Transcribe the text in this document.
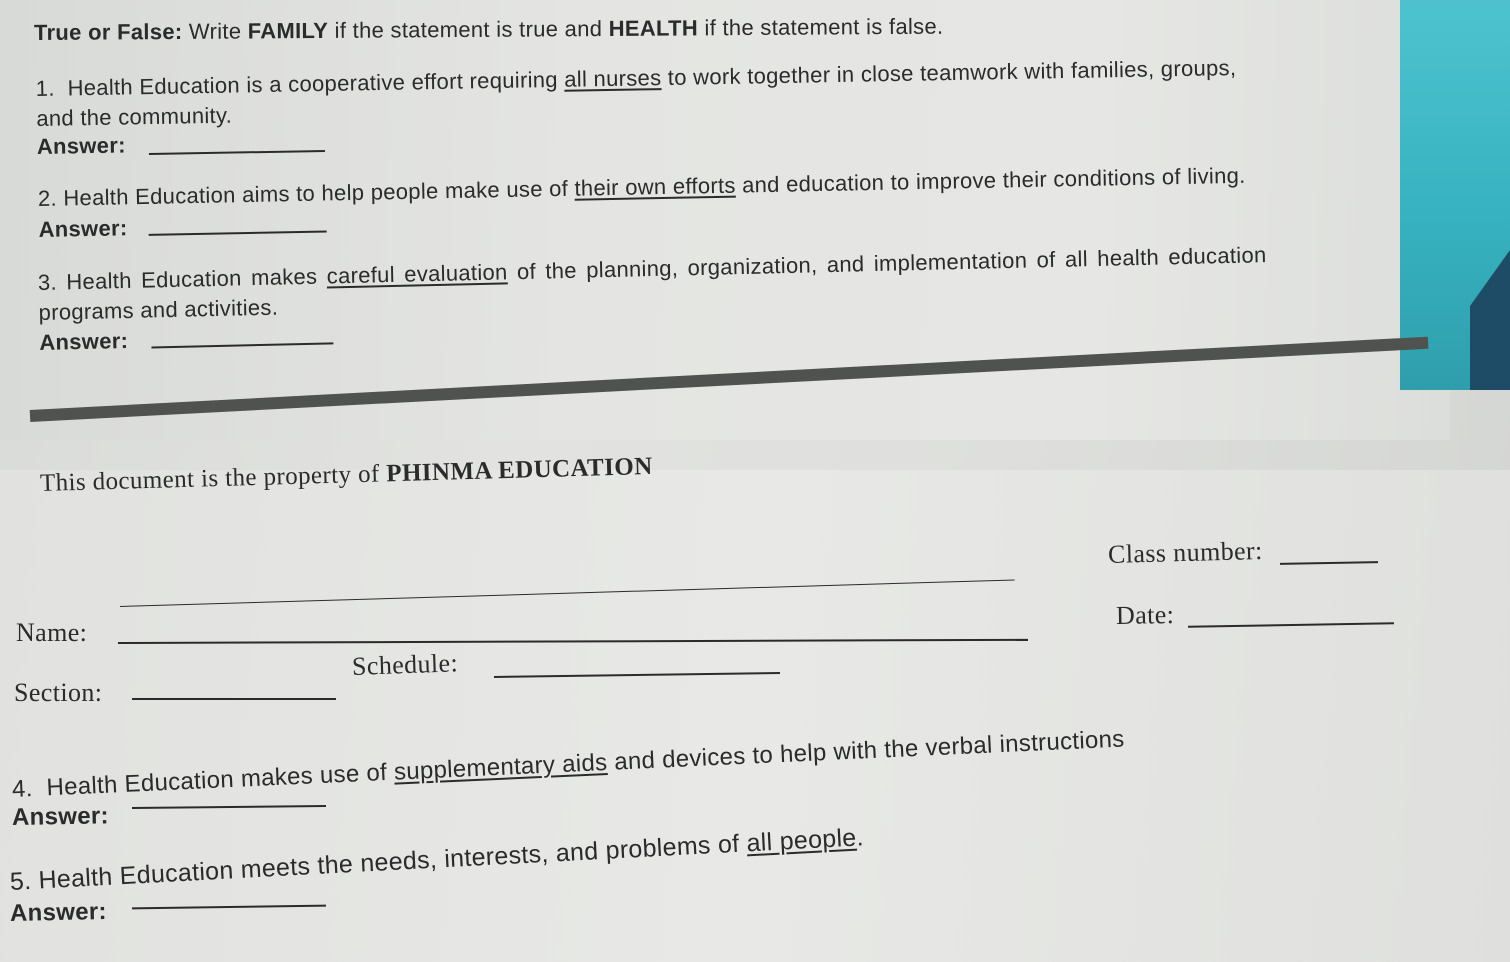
True or False: Write FAMILY if the statement is true and HEALTH if the statement is false.
1. Health Education is a cooperative effort requiring all nurses to work together in close teamwork with families, groups,
and the community.
Answer:
2. Health Education aims to help people make use of their own efforts and education to improve their conditions of living.
Answer:
3. Health Education makes careful evaluation of the planning, organization, and implementation of all health education
programs and activities.
Answer:
This document is the property of PHINMA EDUCATION
Class number:
Name:
Date:
Schedule:
Section:
4. Health Education makes use of supplementary aids and devices to help with the verbal instructions
Answer:
5. Health Education meets the needs, interests, and problems of all people.
Answer:
